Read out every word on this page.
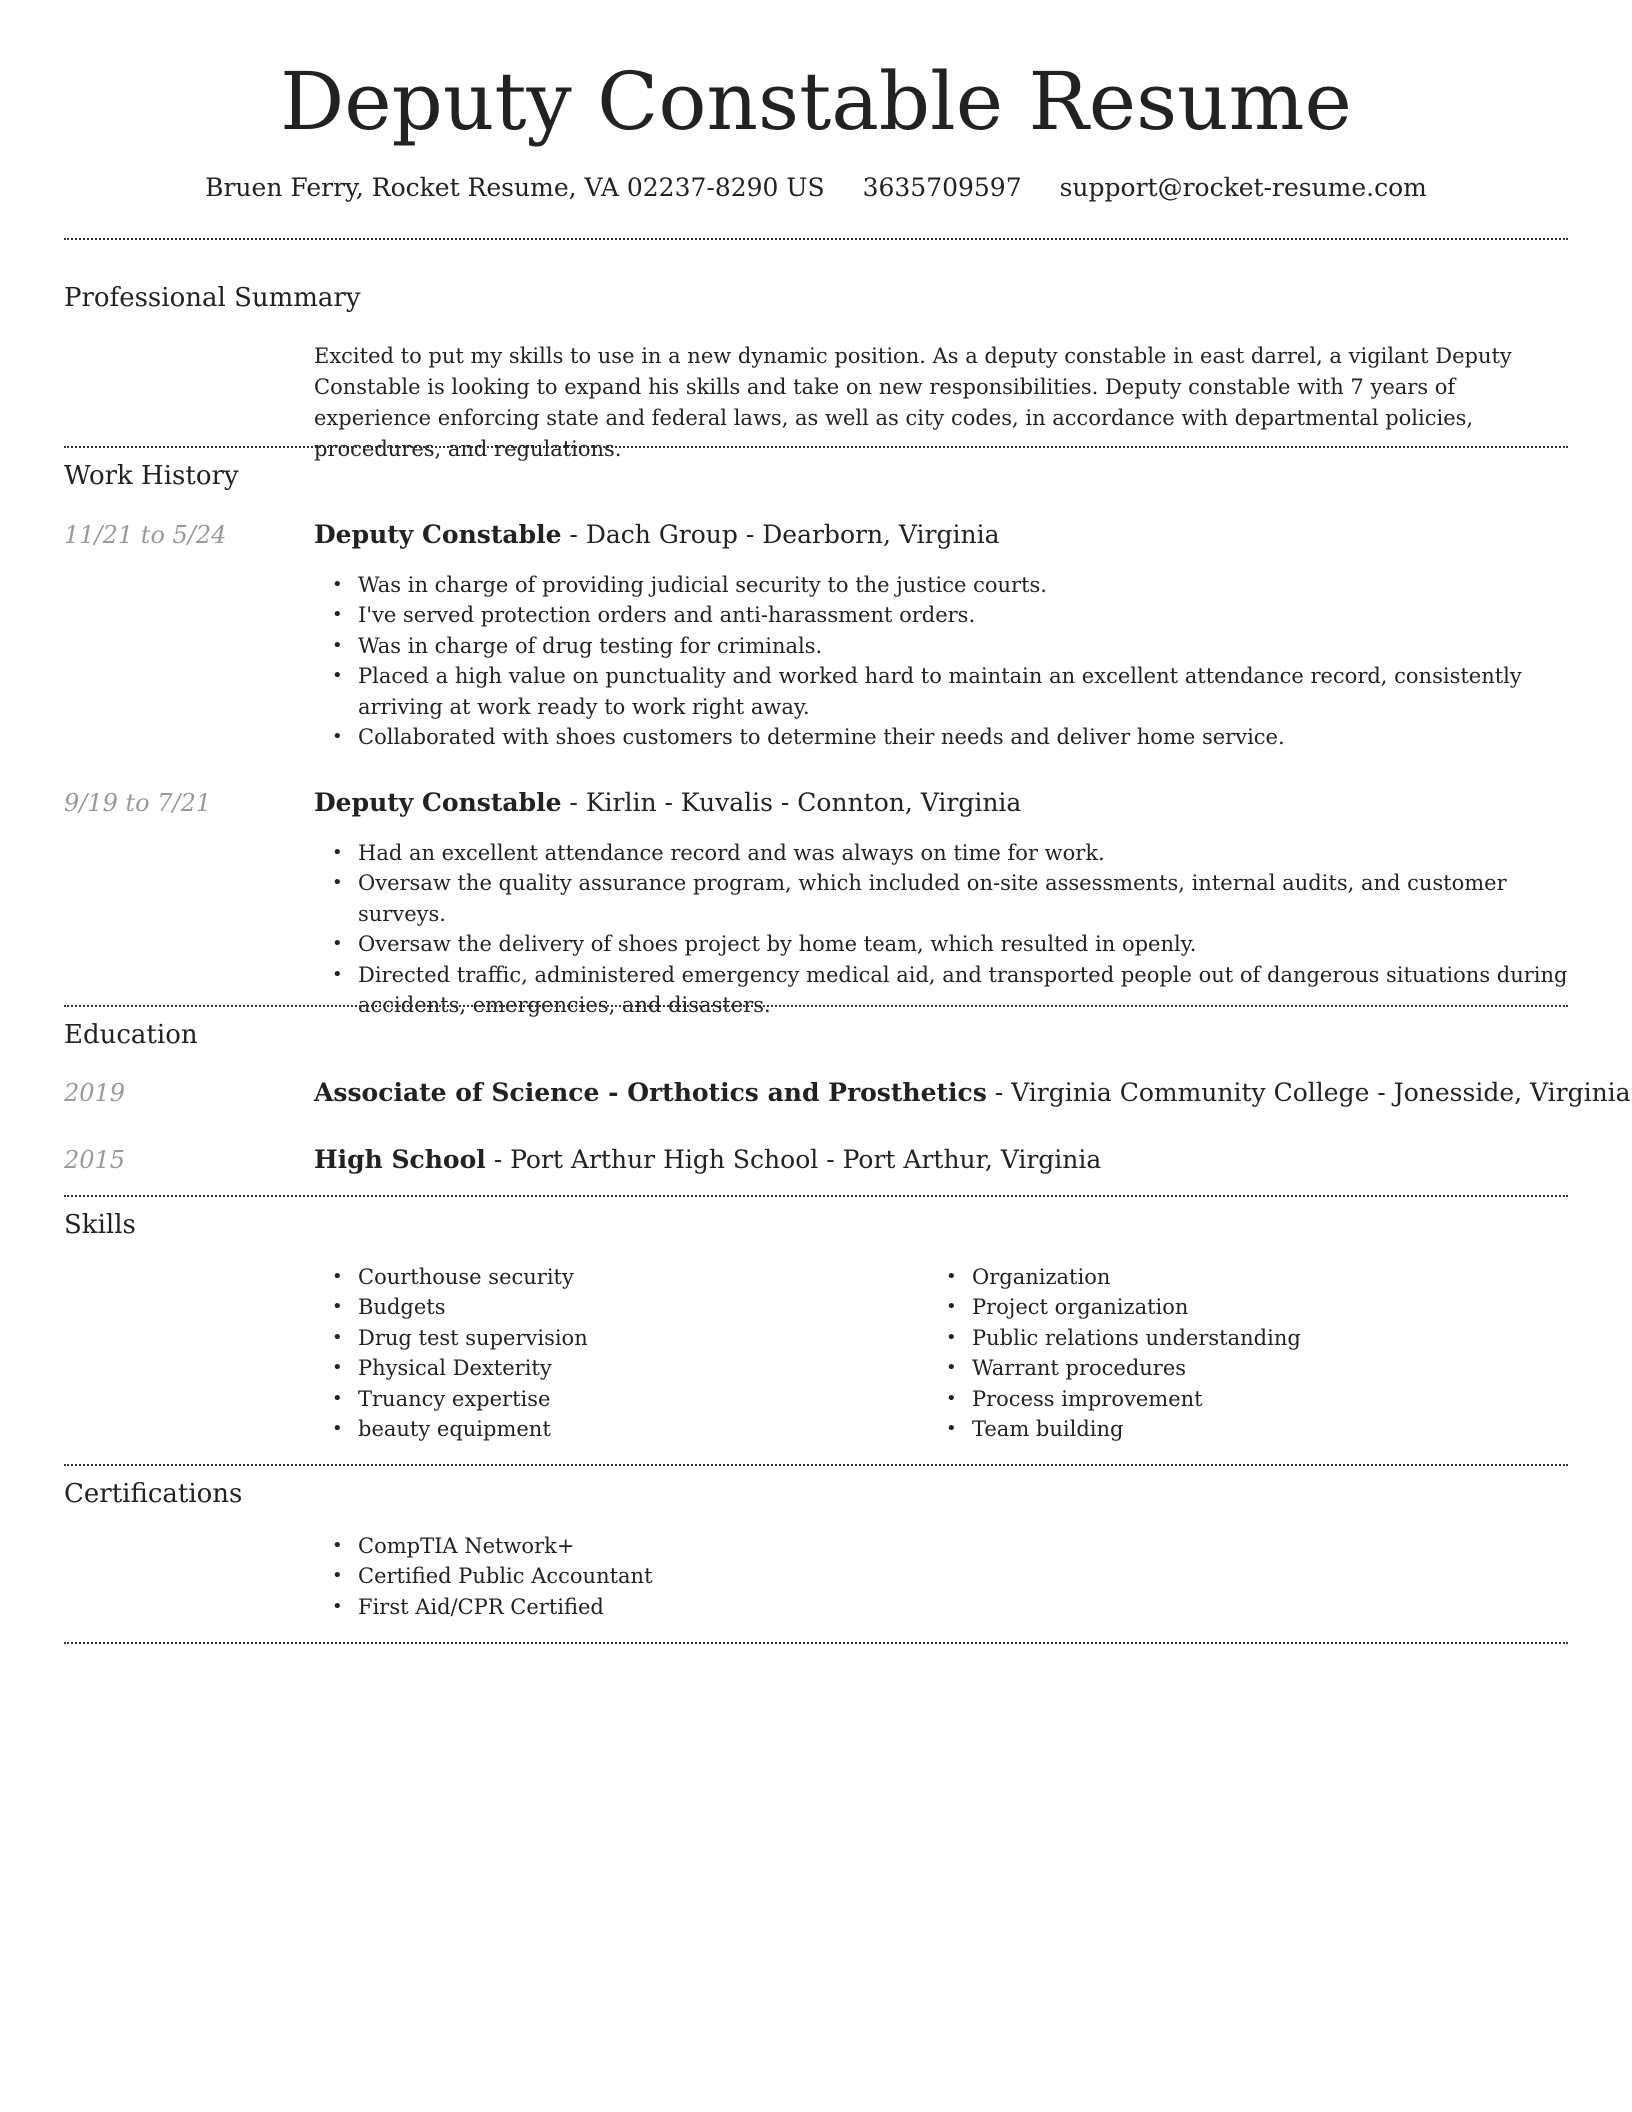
Deputy Constable Resume
Bruen Ferry, Rocket Resume, VA 02237-8290 US 3635709597 support@rocket-resume.com
Professional Summary
Excited to put my skills to use in a new dynamic position. As a deputy constable in east darrel, a vigilant Deputy Constable is looking to expand his skills and take on new responsibilities. Deputy constable with 7 years of experience enforcing state and federal laws, as well as city codes, in accordance with departmental policies, procedures, and regulations.
Work History
11/21 to 5/24	Deputy Constable - Dach Group - Dearborn, Virginia
• Was in charge of providing judicial security to the justice courts.
• I've served protection orders and anti-harassment orders.
• Was in charge of drug testing for criminals.
• Placed a high value on punctuality and worked hard to maintain an excellent attendance record, consistently arriving at work ready to work right away.
• Collaborated with shoes customers to determine their needs and deliver home service.
9/19 to 7/21	Deputy Constable - Kirlin - Kuvalis - Connton, Virginia
• Had an excellent attendance record and was always on time for work.
• Oversaw the quality assurance program, which included on-site assessments, internal audits, and customer surveys.
• Oversaw the delivery of shoes project by home team, which resulted in openly.
• Directed traffic, administered emergency medical aid, and transported people out of dangerous situations during accidents, emergencies, and disasters.
Education
2019	Associate of Science - Orthotics and Prosthetics - Virginia Community College - Jonesside, Virginia
2015	High School - Port Arthur High School - Port Arthur, Virginia
Skills
• Courthouse security
• Budgets
• Drug test supervision
• Physical Dexterity
• Truancy expertise
• beauty equipment
• Organization
• Project organization
• Public relations understanding
• Warrant procedures
• Process improvement
• Team building
Certifications
• CompTIA Network+
• Certified Public Accountant
• First Aid/CPR Certified
